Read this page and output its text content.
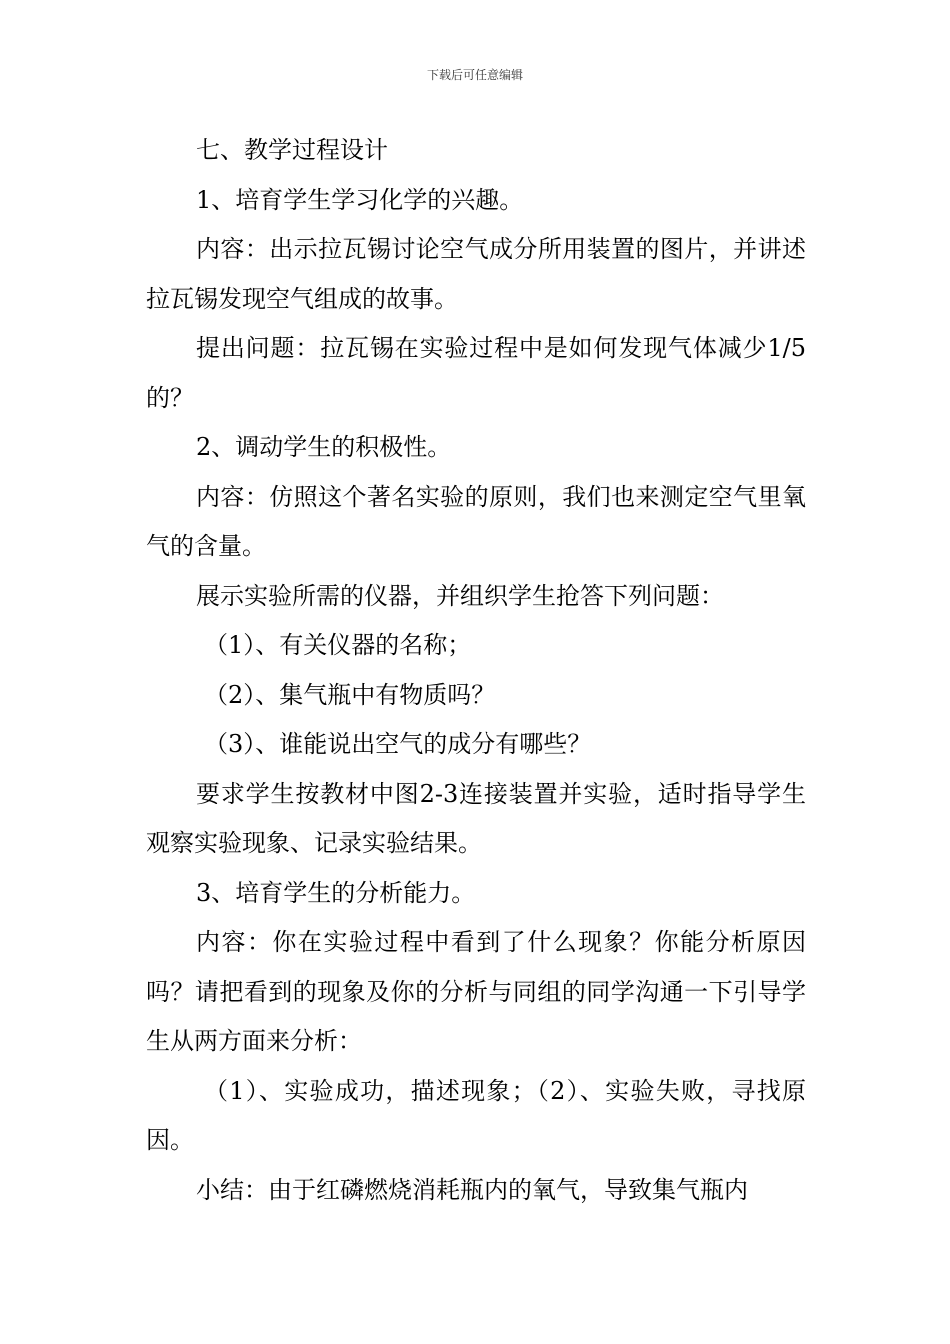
下载后可任意编辑

七、教学过程设计

1、培育学生学习化学的兴趣。

内容：出示拉瓦锡讨论空气成分所用装置的图片，并讲述拉瓦锡发现空气组成的故事。

提出问题：拉瓦锡在实验过程中是如何发现气体减少1/5的？

2、调动学生的积极性。

内容：仿照这个著名实验的原则，我们也来测定空气里氧气的含量。

展示实验所需的仪器，并组织学生抢答下列问题：

（1）、有关仪器的名称；

（2）、集气瓶中有物质吗？

（3）、谁能说出空气的成分有哪些？

要求学生按教材中图2-3连接装置并实验，适时指导学生观察实验现象、记录实验结果。

3、培育学生的分析能力。

内容：你在实验过程中看到了什么现象？你能分析原因吗？请把看到的现象及你的分析与同组的同学沟通一下引导学生从两方面来分析：

（1）、实验成功，描述现象；（2）、实验失败，寻找原因。

小结：由于红磷燃烧消耗瓶内的氧气，导致集气瓶内
